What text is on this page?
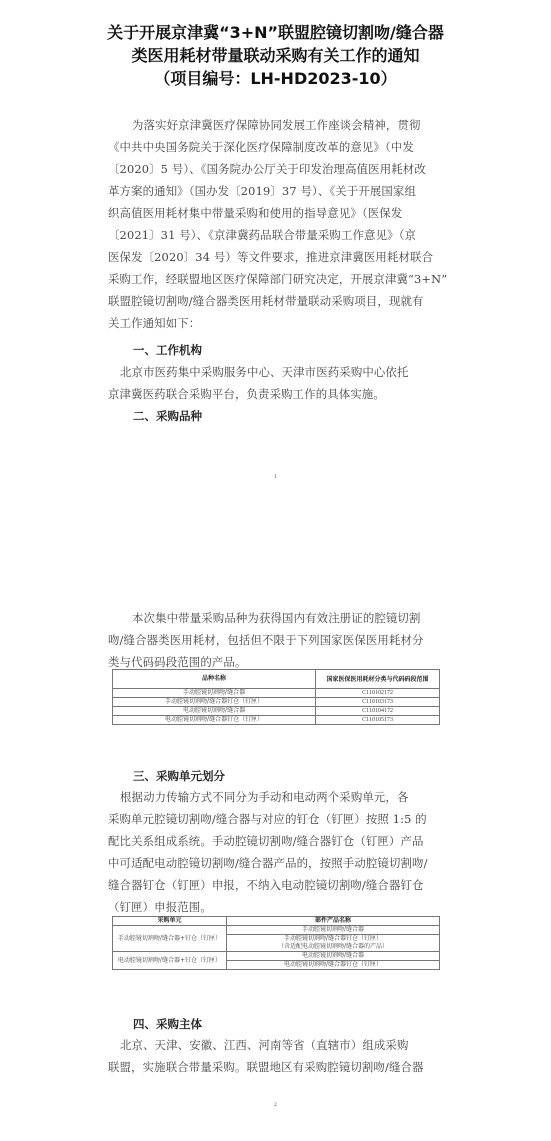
关于开展京津冀“3+N”联盟腔镜切割吻/缝合器
类医用耗材带量联动采购有关工作的通知
（项目编号：LH-HD2023-10）
为落实好京津冀医疗保障协同发展工作座谈会精神，贯彻
《中共中央国务院关于深化医疗保障制度改革的意见》（中发
〔2020〕5 号）、《国务院办公厅关于印发治理高值医用耗材改
革方案的通知》（国办发〔2019〕37 号）、《关于开展国家组
织高值医用耗材集中带量采购和使用的指导意见》（医保发
〔2021〕31 号）、《京津冀药品联合带量采购工作意见》（京
医保发〔2020〕34 号）等文件要求，推进京津冀医用耗材联合
采购工作，经联盟地区医疗保障部门研究决定，开展京津冀“3+N”
联盟腔镜切割吻/缝合器类医用耗材带量联动采购项目，现就有
关工作通知如下：
一、工作机构
北京市医药集中采购服务中心、天津市医药采购中心依托
京津冀医药联合采购平台，负责采购工作的具体实施。
二、采购品种
1
本次集中带量采购品种为获得国内有效注册证的腔镜切割
吻/缝合器类医用耗材，包括但不限于下列国家医保医用耗材分
类与代码码段范围的产品。
品种名称	国家医保医用耗材分类与代码码段范围
手动腔镜切割吻/缝合器	C110102172
手动腔镜切割吻/缝合器钉仓（钉匣）	C110103173
电动腔镜切割吻/缝合器	C110104172
电动腔镜切割吻/缝合器钉仓（钉匣）	C110105173
三、采购单元划分
根据动力传输方式不同分为手动和电动两个采购单元，各
采购单元腔镜切割吻/缝合器与对应的钉仓（钉匣）按照 1:5 的
配比关系组成系统。手动腔镜切割吻/缝合器钉仓（钉匣）产品
中可适配电动腔镜切割吻/缝合器产品的，按照手动腔镜切割吻/
缝合器钉仓（钉匣）申报，不纳入电动腔镜切割吻/缝合器钉仓
（钉匣）申报范围。
采购单元	部件产品名称
手动腔镜切割吻/缝合器+钉仓（钉匣）	手动腔镜切割吻/缝合器
	手动腔镜切割吻/缝合器钉仓（钉匣）
	（含适配电动腔镜切割吻/缝合器的产品）
电动腔镜切割吻/缝合器+钉仓（钉匣）	电动腔镜切割吻/缝合器
	电动腔镜切割吻/缝合器钉仓（钉匣）
四、采购主体
北京、天津、安徽、江西、河南等省（直辖市）组成采购
联盟，实施联合带量采购。联盟地区有采购腔镜切割吻/缝合器
2
